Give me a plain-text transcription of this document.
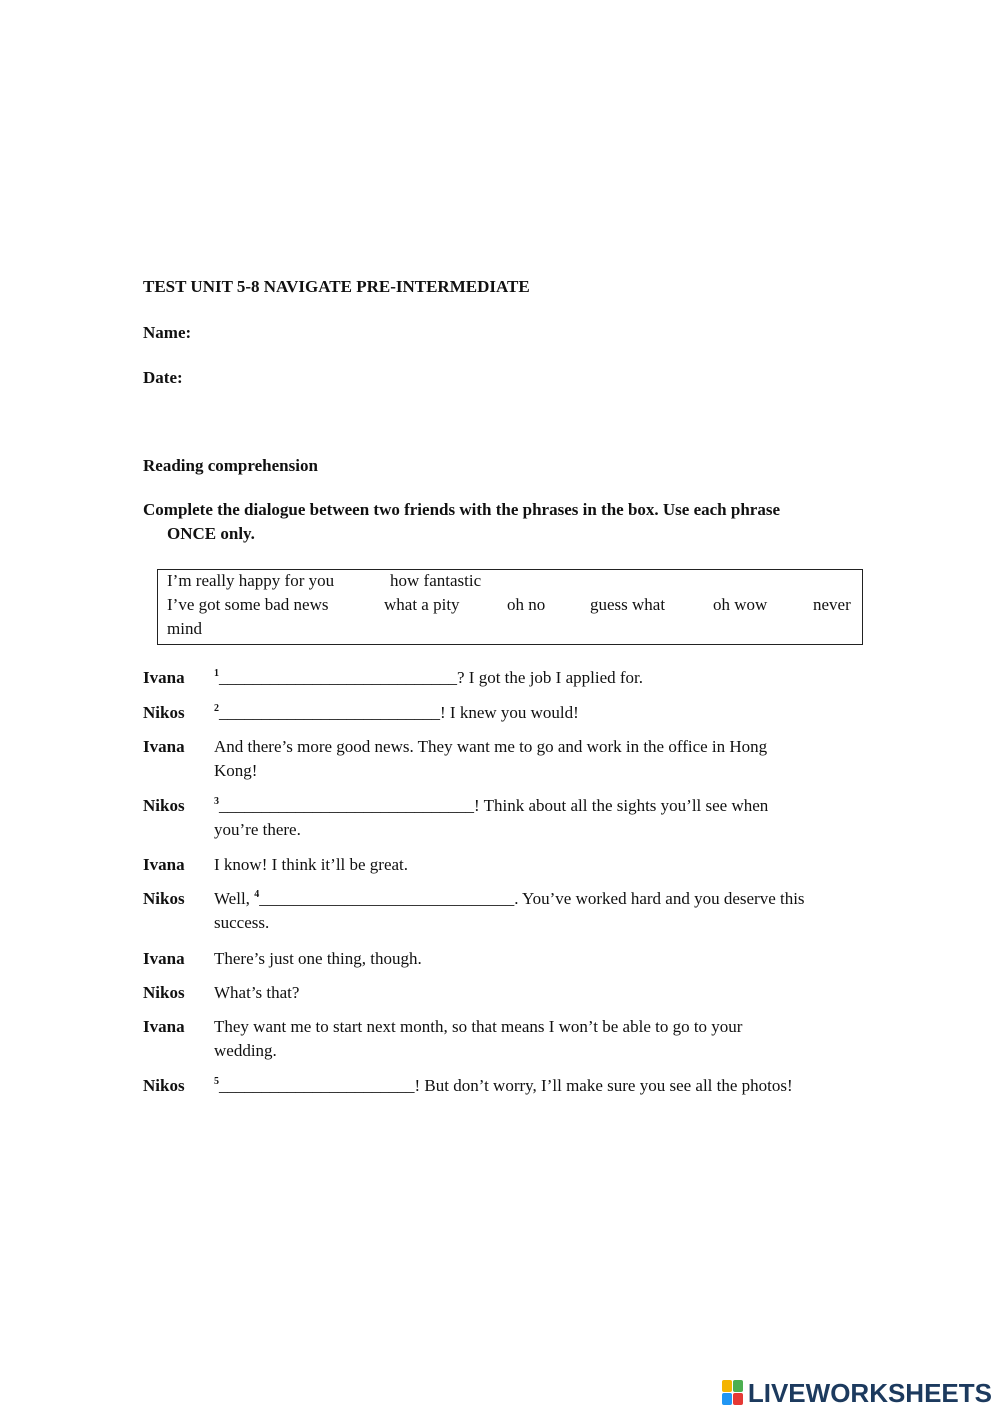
TEST UNIT 5-8 NAVIGATE PRE-INTERMEDIATE
Name:
Date:
Reading comprehension
Complete the dialogue between two friends with the phrases in the box. Use each phrase
ONCE only.
I’m really happy for you	how fantastic
I’ve got some bad news	what a pity	oh no	guess what	oh wow	never
mind
Ivana	$^1$____________________________? I got the job I applied for.
Nikos	$^2$__________________________! I knew you would!
Ivana And there’s more good news. They want me to go and work in the office in Hong
Kong!
Nikos	$^3$______________________________! Think about all the sights you’ll see when
you’re there.
Ivana I know! I think it’ll be great.
Nikos Well, $^4$______________________________. You’ve worked hard and you deserve this
success.
Ivana There’s just one thing, though.
Nikos What’s that?
Ivana They want me to start next month, so that means I won’t be able to go to your
wedding.
Nikos	$^5$_______________________! But don’t worry, I’ll make sure you see all the photos!
LIVEWORKSHEETS
